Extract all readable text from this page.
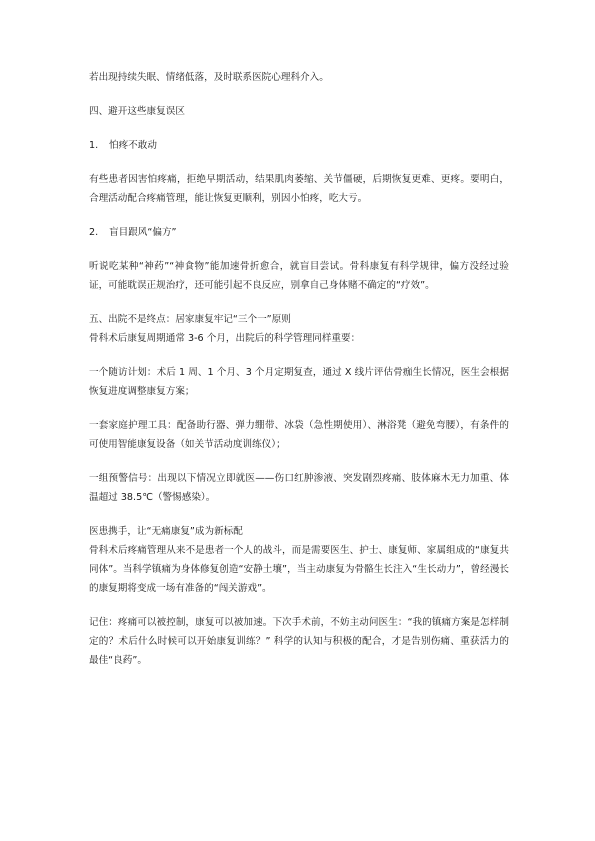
若出现持续失眠、情绪低落，及时联系医院心理科介入。

四、避开这些康复误区

1.	怕疼不敢动

有些患者因害怕疼痛，拒绝早期活动，结果肌肉萎缩、关节僵硬，后期恢复更难、更疼。要明白，合理活动配合疼痛管理，能让恢复更顺利，别因小怕疼，吃大亏。

2.	盲目跟风“偏方”

听说吃某种“神药”“神食物”能加速骨折愈合，就盲目尝试。骨科康复有科学规律，偏方没经过验证，可能耽误正规治疗，还可能引起不良反应，别拿自己身体赌不确定的“疗效”。

五、出院不是终点：居家康复牢记“三个一”原则

骨科术后康复周期通常 3-6 个月，出院后的科学管理同样重要：

一个随访计划：术后 1 周、1 个月、3 个月定期复查，通过 X 线片评估骨痂生长情况，医生会根据恢复进度调整康复方案；

一套家庭护理工具：配备助行器、弹力绷带、冰袋（急性期使用）、淋浴凳（避免弯腰），有条件的可使用智能康复设备（如关节活动度训练仪）；

一组预警信号：出现以下情况立即就医——伤口红肿渗液、突发剧烈疼痛、肢体麻木无力加重、体温超过 38.5℃（警惕感染）。

医患携手，让“无痛康复”成为新标配

骨科术后疼痛管理从来不是患者一个人的战斗，而是需要医生、护士、康复师、家属组成的“康复共同体”。当科学镇痛为身体修复创造“安静土壤”，当主动康复为骨骼生长注入“生长动力”，曾经漫长的康复期将变成一场有准备的“闯关游戏”。

记住：疼痛可以被控制，康复可以被加速。下次手术前，不妨主动问医生：“我的镇痛方案是怎样制定的？术后什么时候可以开始康复训练？” 科学的认知与积极的配合，才是告别伤痛、重获活力的最佳“良药”。
